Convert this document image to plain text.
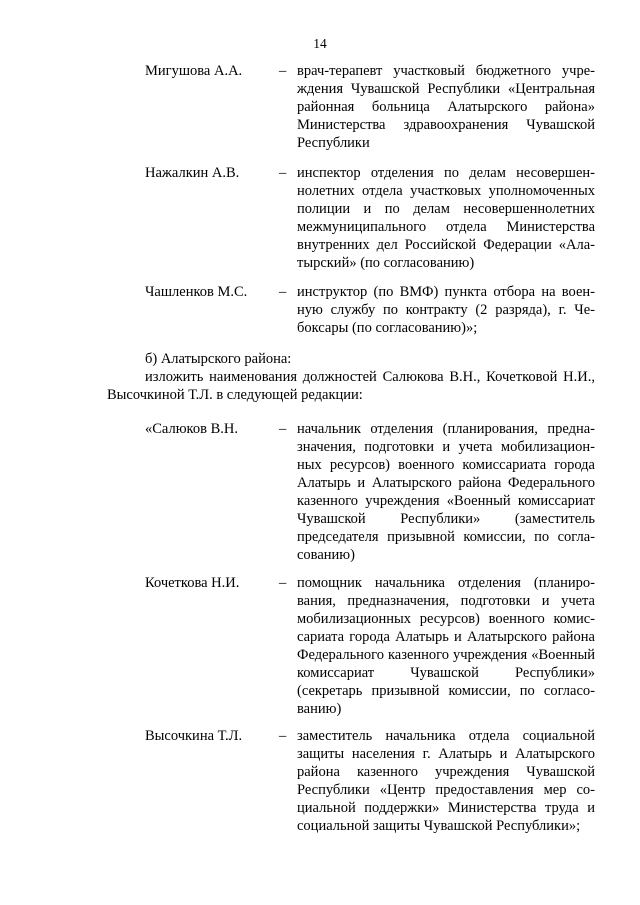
14
Мигушова А.А.	– врач-терапевт участковый бюджетного учреждения Чувашской Республики «Центральная районная больница Алатырского района» Министерства здравоохранения Чувашской Республики
Нажалкин А.В.	– инспектор отделения по делам несовершеннолетних отдела участковых уполномоченных полиции и по делам несовершеннолетних межмуниципального отдела Министерства внутренних дел Российской Федерации «Алатырский» (по согласованию)
Чашленков М.С. – инструктор (по ВМФ) пункта отбора на военную службу по контракту (2 разряда), г. Чебоксары (по согласованию)»;
б) Алатырского района:
изложить наименования должностей Салюкова В.Н., Кочетковой Н.И., Высочкиной Т.Л. в следующей редакции:
«Салюков В.Н.	– начальник отделения (планирования, предназначения, подготовки и учета мобилизационных ресурсов) военного комиссариата города Алатырь и Алатырского района Федерального казенного учреждения «Военный комиссариат Чувашской Республики» (заместитель председателя призывной комиссии, по согласованию)
Кочеткова Н.И.	– помощник начальника отделения (планирования, предназначения, подготовки и учета мобилизационных ресурсов) военного комиссариата города Алатырь и Алатырского района Федерального казенного учреждения «Военный комиссариат Чувашской Республики» (секретарь призывной комиссии, по согласованию)
Высочкина Т.Л.	– заместитель начальника отдела социальной защиты населения г. Алатырь и Алатырского района казенного учреждения Чувашской Республики «Центр предоставления мер социальной поддержки» Министерства труда и социальной защиты Чувашской Республики»;
